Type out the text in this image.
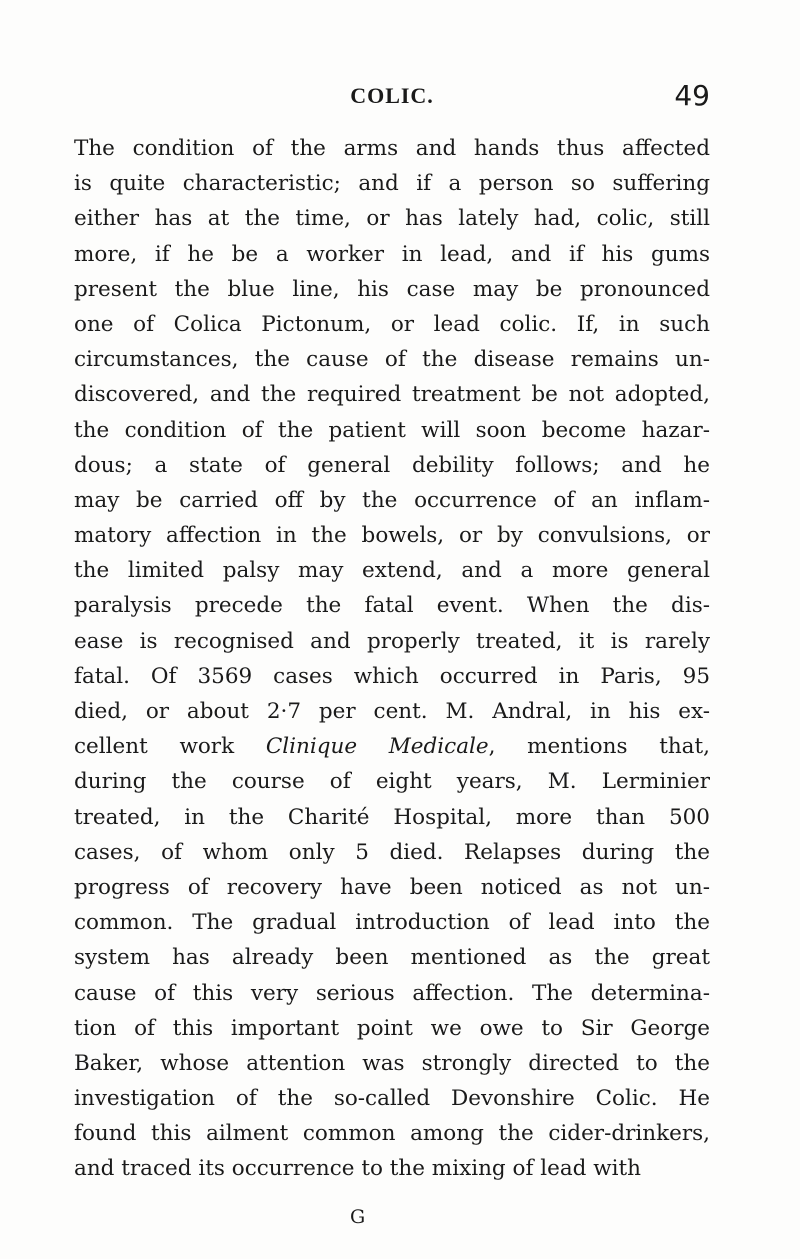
COLIC.	49
The condition of the arms and hands thus affected
is quite characteristic; and if a person so suffering
either has at the time, or has lately had, colic, still
more, if he be a worker in lead, and if his gums
present the blue line, his case may be pronounced
one of Colica Pictonum, or lead colic. If, in such
circumstances, the cause of the disease remains un-
discovered, and the required treatment be not adopted,
the condition of the patient will soon become hazar-
dous; a state of general debility follows; and he
may be carried off by the occurrence of an inflam-
matory affection in the bowels, or by convulsions, or
the limited palsy may extend, and a more general
paralysis precede the fatal event. When the dis-
ease is recognised and properly treated, it is rarely
fatal. Of 3569 cases which occurred in Paris, 95
died, or about 2·7 per cent. M. Andral, in his ex-
cellent work Clinique Medicale, mentions that,
during the course of eight years, M. Lerminier
treated, in the Charité Hospital, more than 500
cases, of whom only 5 died. Relapses during the
progress of recovery have been noticed as not un-
common. The gradual introduction of lead into the
system has already been mentioned as the great
cause of this very serious affection. The determina-
tion of this important point we owe to Sir George
Baker, whose attention was strongly directed to the
investigation of the so-called Devonshire Colic. He
found this ailment common among the cider-drinkers,
and traced its occurrence to the mixing of lead with
G
